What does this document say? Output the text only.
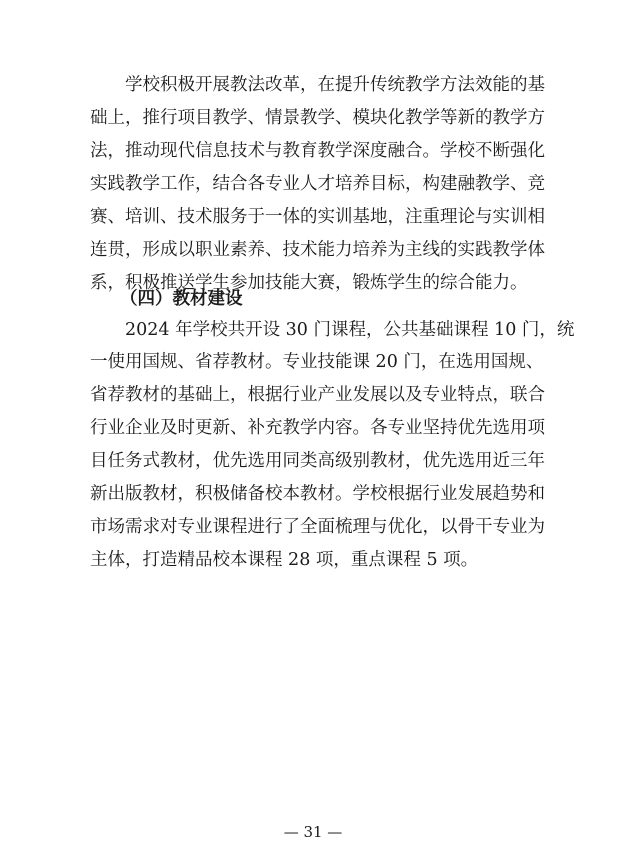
学校积极开展教法改革，在提升传统教学方法效能的基
础上，推行项目教学、情景教学、模块化教学等新的教学方
法，推动现代信息技术与教育教学深度融合。学校不断强化
实践教学工作，结合各专业人才培养目标，构建融教学、竞
赛、培训、技术服务于一体的实训基地，注重理论与实训相
连贯，形成以职业素养、技术能力培养为主线的实践教学体
系，积极推送学生参加技能大赛，锻炼学生的综合能力。
（四）教材建设
2024 年学校共开设 30 门课程，公共基础课程 10 门，统
一使用国规、省荐教材。专业技能课 20 门，在选用国规、
省荐教材的基础上，根据行业产业发展以及专业特点，联合
行业企业及时更新、补充教学内容。各专业坚持优先选用项
目任务式教材，优先选用同类高级别教材，优先选用近三年
新出版教材，积极储备校本教材。学校根据行业发展趋势和
市场需求对专业课程进行了全面梳理与优化，以骨干专业为
主体，打造精品校本课程 28 项，重点课程 5 项。
— 31 —
